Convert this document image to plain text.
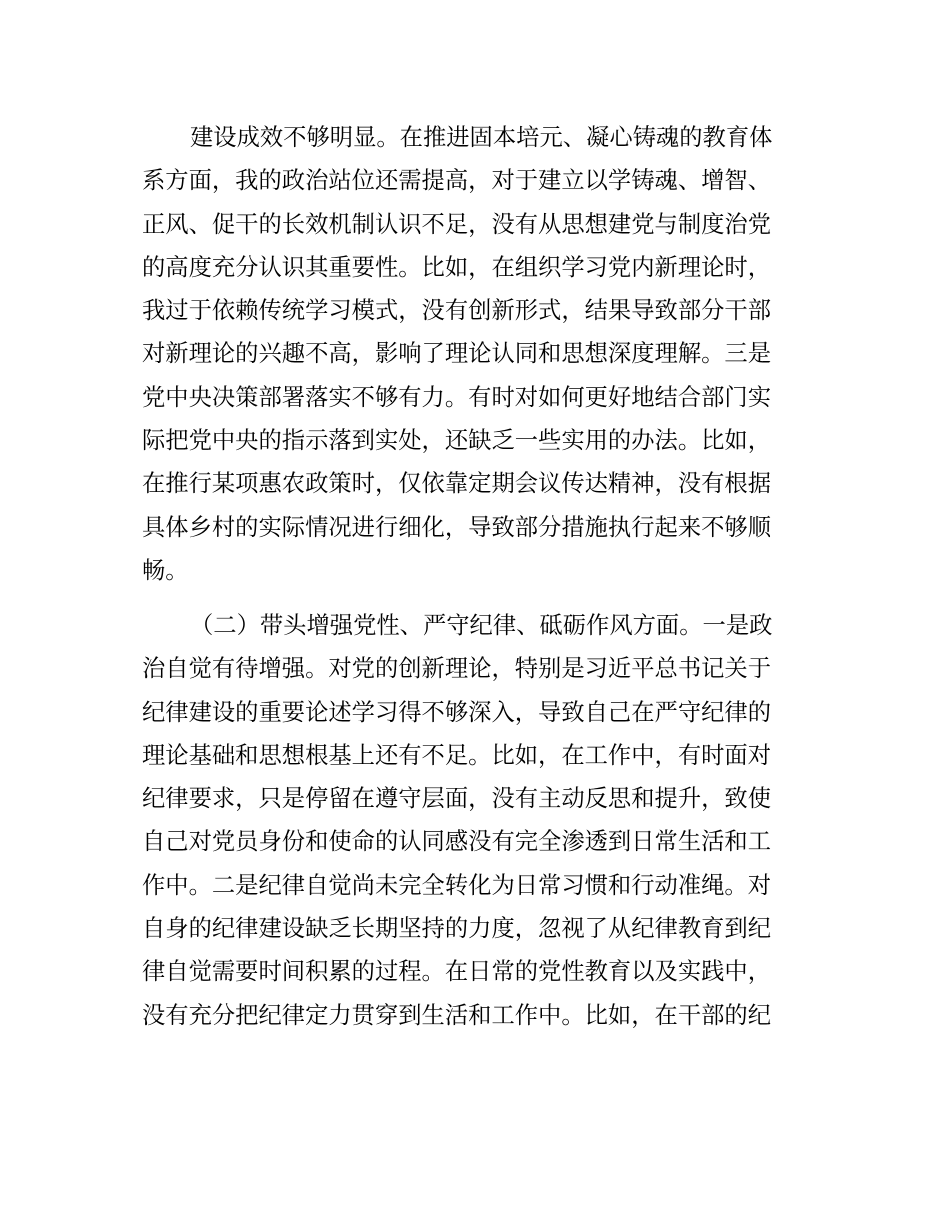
建设成效不够明显。在推进固本培元、凝心铸魂的教育体
系方面，我的政治站位还需提高，对于建立以学铸魂、增智、
正风、促干的长效机制认识不足，没有从思想建党与制度治党
的高度充分认识其重要性。比如，在组织学习党内新理论时，
我过于依赖传统学习模式，没有创新形式，结果导致部分干部
对新理论的兴趣不高，影响了理论认同和思想深度理解。三是
党中央决策部署落实不够有力。有时对如何更好地结合部门实
际把党中央的指示落到实处，还缺乏一些实用的办法。比如，
在推行某项惠农政策时，仅依靠定期会议传达精神，没有根据
具体乡村的实际情况进行细化，导致部分措施执行起来不够顺
畅。
（二）带头增强党性、严守纪律、砥砺作风方面。一是政
治自觉有待增强。对党的创新理论，特别是习近平总书记关于
纪律建设的重要论述学习得不够深入，导致自己在严守纪律的
理论基础和思想根基上还有不足。比如，在工作中，有时面对
纪律要求，只是停留在遵守层面，没有主动反思和提升，致使
自己对党员身份和使命的认同感没有完全渗透到日常生活和工
作中。二是纪律自觉尚未完全转化为日常习惯和行动准绳。对
自身的纪律建设缺乏长期坚持的力度，忽视了从纪律教育到纪
律自觉需要时间积累的过程。在日常的党性教育以及实践中，
没有充分把纪律定力贯穿到生活和工作中。比如，在干部的纪
